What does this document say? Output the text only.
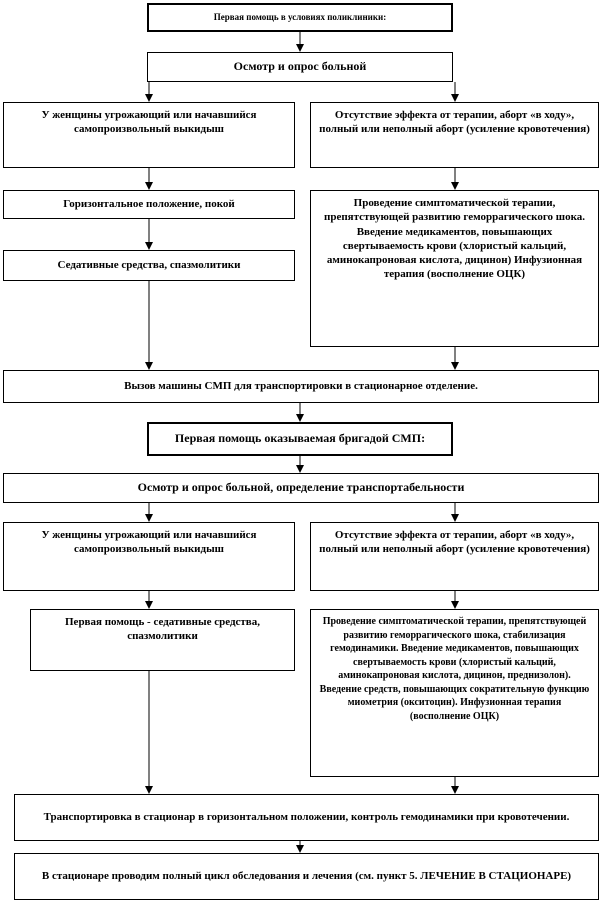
Первая помощь в условиях поликлиники:
Осмотр и опрос больной
У женщины угрожающий или начавшийся самопроизвольный выкидыш
Отсутствие эффекта от терапии, аборт «в ходу», полный или неполный аборт (усиление кровотечения)
Горизонтальное положение, покой
Седативные средства, спазмолитики
Проведение симптоматической терапии, препятствующей развитию геморрагического шока. Введение медикаментов, повышающих свертываемость крови (хлористый кальций, аминокапроновая кислота, дицинон) Инфузионная терапия (восполнение ОЦК)
Вызов машины СМП для транспортировки в стационарное отделение.
Первая помощь оказываемая бригадой СМП:
Осмотр и опрос больной, определение транспортабельности
У женщины угрожающий или начавшийся самопроизвольный выкидыш
Отсутствие эффекта от терапии, аборт «в ходу», полный или неполный аборт (усиление кровотечения)
Первая помощь - седативные средства, спазмолитики
Проведение симптоматической терапии, препятствующей развитию геморрагического шока, стабилизация гемодинамики. Введение медикаментов, повышающих свертываемость крови (хлористый кальций, аминокапроновая кислота, дицинон, преднизолон). Введение средств, повышающих сократительную функцию миометрия (окситоцин). Инфузионная терапия (восполнение ОЦК)
Транспортировка в стационар в горизонтальном положении, контроль гемодинамики при кровотечении.
В стационаре проводим полный цикл обследования и лечения (см. пункт 5. ЛЕЧЕНИЕ В СТАЦИОНАРЕ)
